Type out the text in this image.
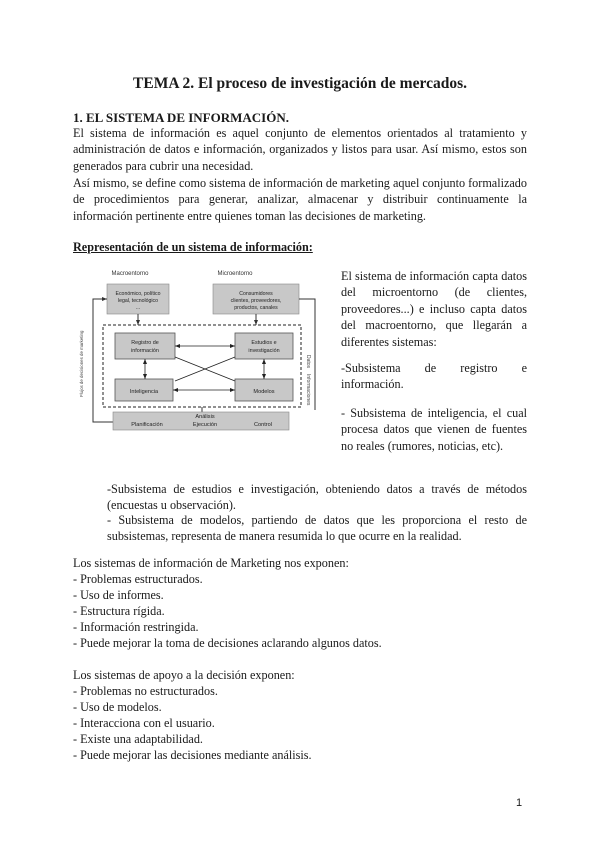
TEMA 2. El proceso de investigación de mercados.
1. EL SISTEMA DE INFORMACIÓN.
El sistema de información es aquel conjunto de elementos orientados al tratamiento y administración de datos e información, organizados y listos para usar. Así mismo, estos son generados para cubrir una necesidad.
Así mismo, se define como sistema de información de marketing aquel conjunto formalizado de procedimientos para generar, analizar, almacenar y distribuir continuamente la información pertinente entre quienes toman las decisiones de marketing.
Representación de un sistema de información:
Macroentorno	Microentorno
Económico, político
legal, tecnológico
...
Consumidores
clientes, proveedores,
productos, canales
Registro de
información
Estudios e
investigación
Inteligencia	Modelos
Datos
Informaciones
Flujos de decisiones de marketing
Análisis
Planificación	Ejecución	Control
El sistema de información capta datos del microentorno (de clientes, proveedores...) e incluso capta datos del macroentorno, que llegarán a diferentes sistemas:
-Subsistema de registro e información.
- Subsistema de inteligencia, el cual procesa datos que vienen de fuentes no reales (rumores, noticias, etc).
-Subsistema de estudios e investigación, obteniendo datos a través de métodos (encuestas u observación).
- Subsistema de modelos, partiendo de datos que les proporciona el resto de subsistemas, representa de manera resumida lo que ocurre en la realidad.
Los sistemas de información de Marketing nos exponen:
- Problemas estructurados.
- Uso de informes.
- Estructura rígida.
- Información restringida.
- Puede mejorar la toma de decisiones aclarando algunos datos.
Los sistemas de apoyo a la decisión exponen:
- Problemas no estructurados.
- Uso de modelos.
- Interacciona con el usuario.
- Existe una adaptabilidad.
- Puede mejorar las decisiones mediante análisis.
1
